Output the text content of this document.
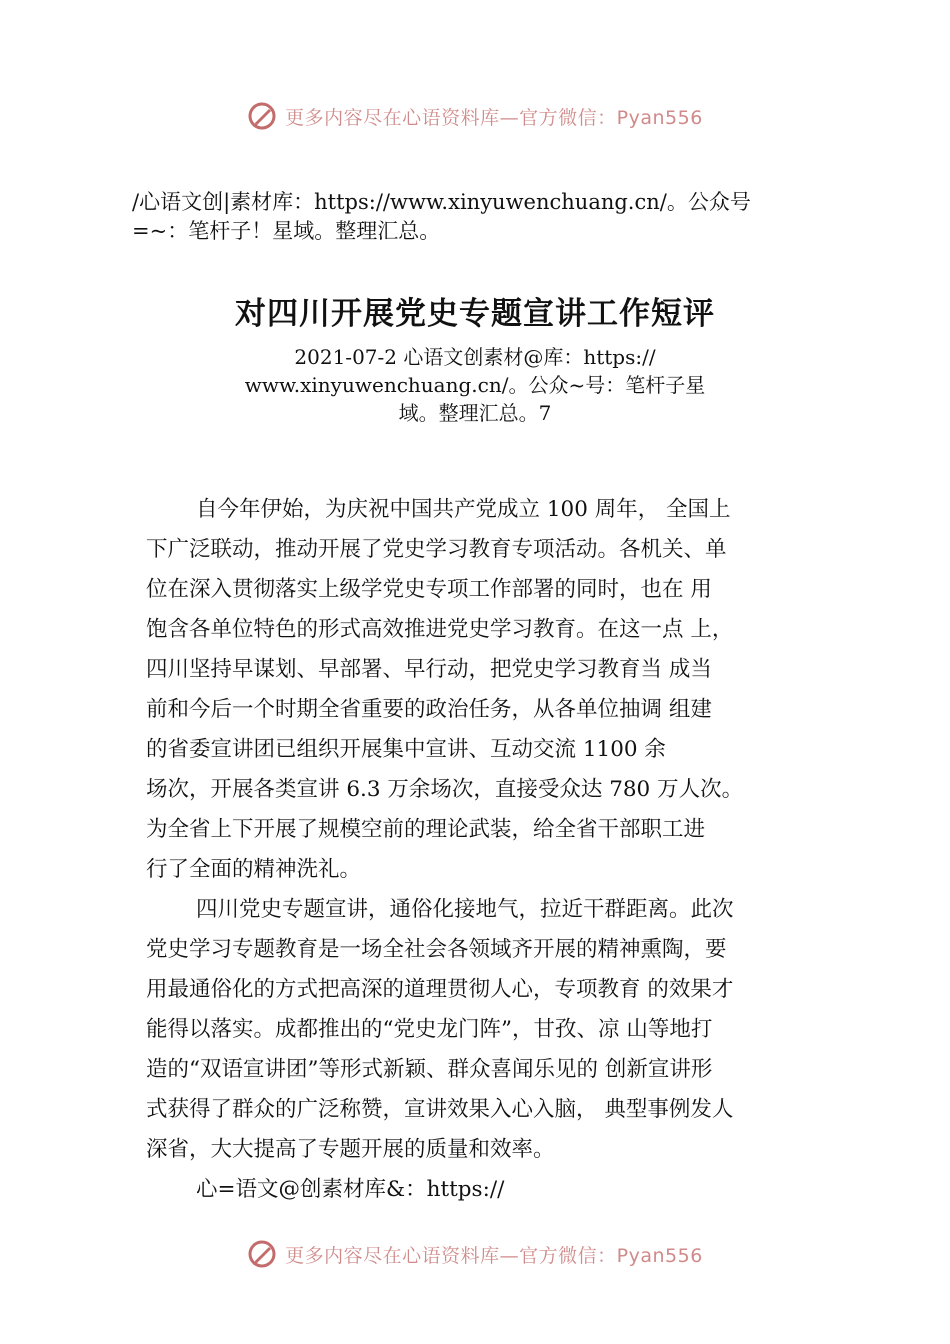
更多内容尽在心语资料库—官方微信：Pyan556
/心语文创|素材库：https://www.xinyuwenchuang.cn/。公众号
=~：笔杆子！星域。整理汇总。
对四川开展党史专题宣讲工作短评
2021-07-2 心语文创素材@库：https://
www.xinyuwenchuang.cn/。公众~号：笔杆子星
域。整理汇总。7

自今年伊始，为庆祝中国共产党成立 100 周年， 全国上
下广泛联动，推动开展了党史学习教育专项活动。各机关、单
位在深入贯彻落实上级学党史专项工作部署的同时，也在 用
饱含各单位特色的形式高效推进党史学习教育。在这一点 上，
四川坚持早谋划、早部署、早行动，把党史学习教育当 成当
前和今后一个时期全省重要的政治任务，从各单位抽调 组建
的省委宣讲团已组织开展集中宣讲、互动交流 1100 余
场次，开展各类宣讲 6.3 万余场次，直接受众达 780 万人次。
为全省上下开展了规模空前的理论武装，给全省干部职工进
行了全面的精神洗礼。

四川党史专题宣讲，通俗化接地气，拉近干群距离。此次
党史学习专题教育是一场全社会各领域齐开展的精神熏陶，要
用最通俗化的方式把高深的道理贯彻人心，专项教育 的效果才
能得以落实。成都推出的“党史龙门阵”，甘孜、凉 山等地打
造的“双语宣讲团”等形式新颖、群众喜闻乐见的 创新宣讲形
式获得了群众的广泛称赞，宣讲效果入心入脑， 典型事例发人
深省，大大提高了专题开展的质量和效率。

心=语文@创素材库&：https://

更多内容尽在心语资料库—官方微信：Pyan556
